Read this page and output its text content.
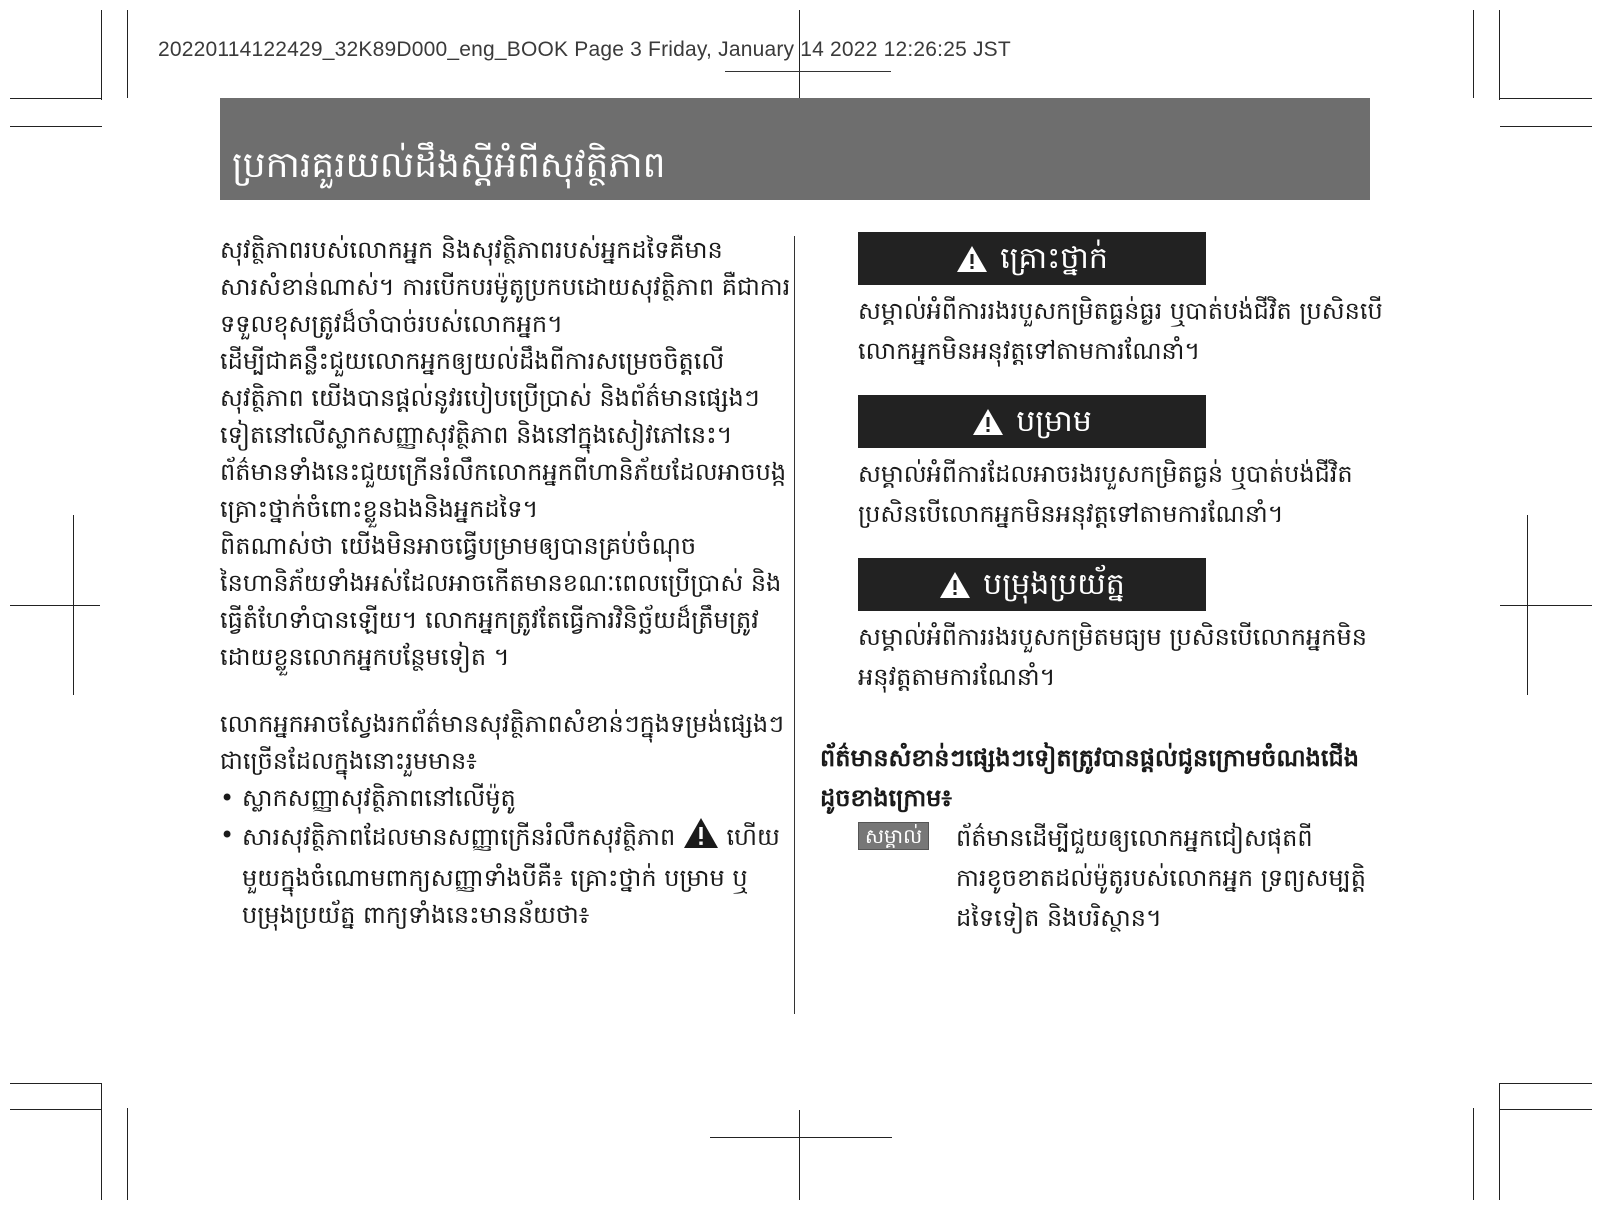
20220114122429_32K89D000_eng_BOOK Page 3 Friday, January 14 2022 12:26:25 JST
ប្រការគួរយល់ដឹងស្ដីអំពីសុវត្ថិភាព

សុវត្ថិភាពរបស់លោកអ្នក និងសុវត្ថិភាពរបស់អ្នកដទៃគឺមានសារសំខាន់ណាស់។ ការបើកបរម៉ូតូប្រកបដោយសុវត្ថិភាព គឺជាការទទួលខុសត្រូវដ៏ចាំបាច់របស់លោកអ្នក។

ដើម្បីជាគន្លឹះជួយលោកអ្នកឲ្យយល់ដឹងពីការសម្រេចចិត្តលើសុវត្ថិភាព យើងបានផ្ដល់នូវរបៀបប្រើប្រាស់ និងព័ត៌មានផ្សេងៗទៀតនៅលើស្លាកសញ្ញាសុវត្ថិភាព និងនៅក្នុងសៀវភៅនេះ។ ព័ត៌មានទាំងនេះជួយក្រើនរំលឹកលោកអ្នកពីហានិភ័យដែលអាចបង្កគ្រោះថ្នាក់ចំពោះខ្លួនឯងនិងអ្នកដទៃ។

ពិតណាស់ថា យើងមិនអាចធ្វើបម្រាមឲ្យបានគ្រប់ចំណុចនៃហានិភ័យទាំងអស់ដែលអាចកើតមានខណៈពេលប្រើប្រាស់ និងធ្វើតំហែទាំបានឡើយ។ លោកអ្នកត្រូវតែធ្វើការវិនិច្ឆ័យដ៏ត្រឹមត្រូវដោយខ្លួនលោកអ្នកបន្ថែមទៀត ។

លោកអ្នកអាចស្វែងរកព័ត៌មានសុវត្ថិភាពសំខាន់ៗក្នុងទម្រង់ផ្សេងៗជាច្រើនដែលក្នុងនោះរួមមាន៖

• ស្លាកសញ្ញាសុវត្ថិភាពនៅលើម៉ូតូ
• សារសុវត្ថិភាពដែលមានសញ្ញាក្រើនរំលឹកសុវត្ថិភាព ហើយមួយក្នុងចំណោមពាក្យសញ្ញាទាំងបីគឺ៖ គ្រោះថ្នាក់ បម្រាម ឬ បម្រុងប្រយ័ត្ន ពាក្យទាំងនេះមានន័យថា៖
គ្រោះថ្នាក់

សម្គាល់អំពីការរងរបួសកម្រិតធ្ងន់ធ្ងរ ឬបាត់បង់ជីវិត ប្រសិនបើលោកអ្នកមិនអនុវត្តទៅតាមការណែនាំ។

បម្រាម

សម្គាល់អំពីការដែលអាចរងរបួសកម្រិតធ្ងន់ ឬបាត់បង់ជីវិត ប្រសិនបើលោកអ្នកមិនអនុវត្តទៅតាមការណែនាំ។

បម្រុងប្រយ័ត្ន

សម្គាល់អំពីការរងរបួសកម្រិតមធ្យម ប្រសិនបើលោកអ្នកមិនអនុវត្តតាមការណែនាំ។

ព័ត៌មានសំខាន់ៗផ្សេងៗទៀតត្រូវបានផ្ដល់ជូនក្រោមចំណងជើងដូចខាងក្រោម៖
សម្គាល់ ព័ត៌មានដើម្បីជួយឲ្យលោកអ្នកជៀសផុតពីការខូចខាតដល់ម៉ូតូរបស់លោកអ្នក ទ្រព្យសម្បត្តិដទៃទៀត និងបរិស្ថាន។
